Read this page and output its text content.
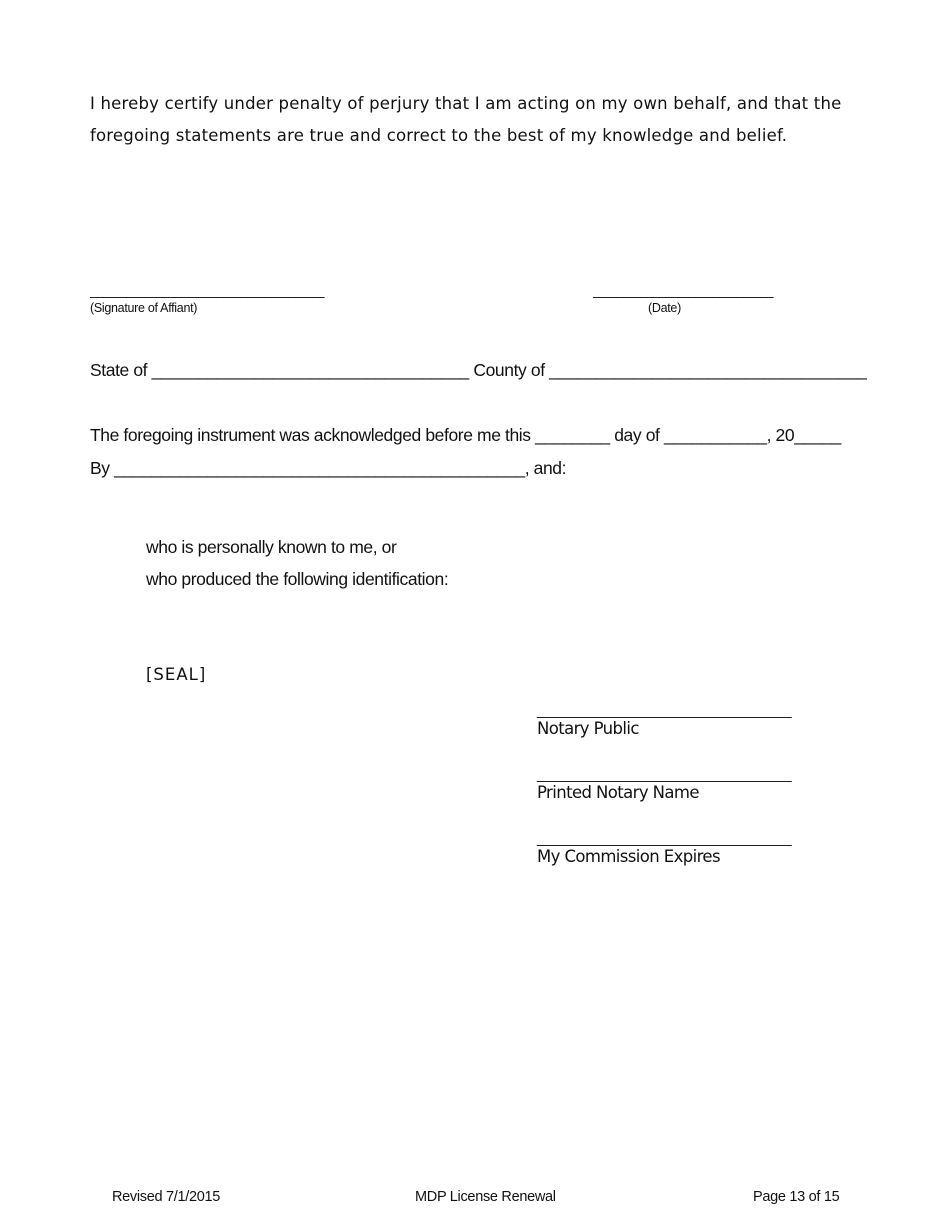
I hereby certify under penalty of perjury that I am acting on my own behalf, and that the

foregoing statements are true and correct to the best of my knowledge and belief.

_______________________________________
(Signature of Affiant)
______________________________
(Date)
State of __________________________________ County of __________________________________
The foregoing instrument was acknowledged before me this ________ day of ___________, 20_____
By ____________________________________________, and:
who is personally known to me, or
who produced the following identification:
[SEAL]
________________________________
Notary Public
________________________________
Printed Notary Name
________________________________
My Commission Expires
Revised 7/1/2015	MDP License Renewal	Page 13 of 15
